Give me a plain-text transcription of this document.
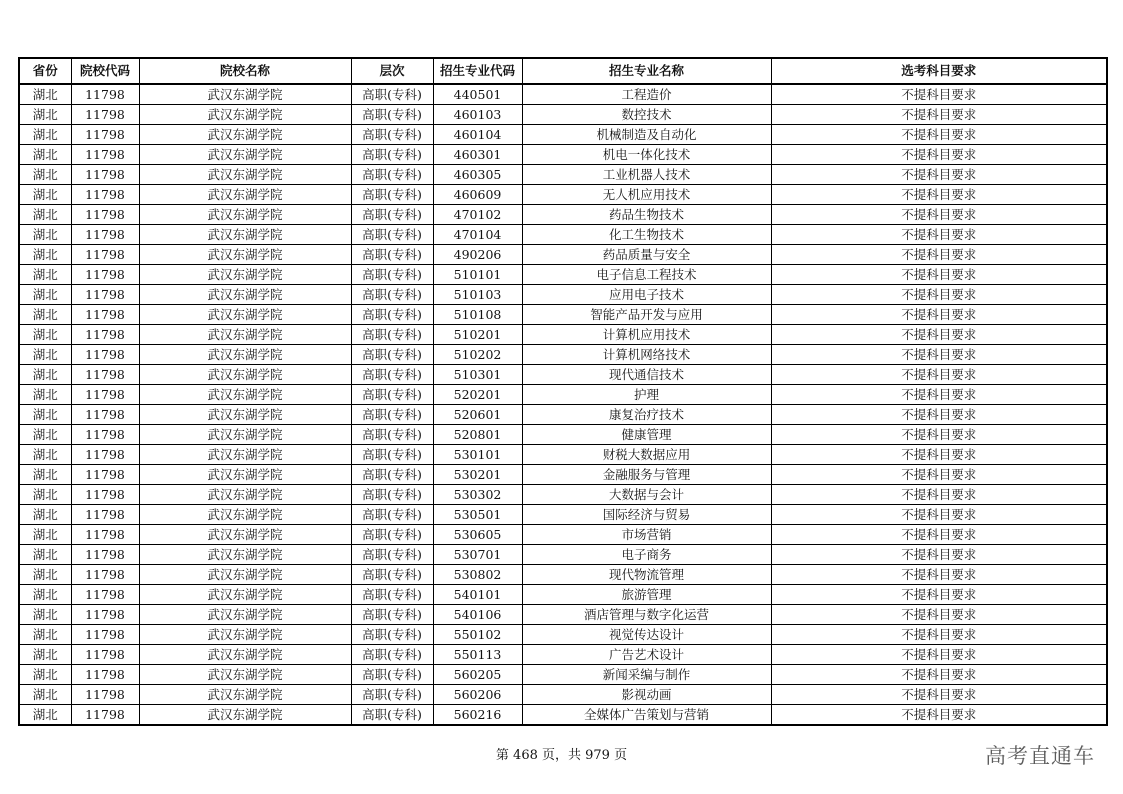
省份	院校代码	院校名称	层次	招生专业代码	招生专业名称	选考科目要求
湖北	11798	武汉东湖学院	高职(专科)	440501	工程造价	不提科目要求
湖北	11798	武汉东湖学院	高职(专科)	460103	数控技术	不提科目要求
湖北	11798	武汉东湖学院	高职(专科)	460104	机械制造及自动化	不提科目要求
湖北	11798	武汉东湖学院	高职(专科)	460301	机电一体化技术	不提科目要求
湖北	11798	武汉东湖学院	高职(专科)	460305	工业机器人技术	不提科目要求
湖北	11798	武汉东湖学院	高职(专科)	460609	无人机应用技术	不提科目要求
湖北	11798	武汉东湖学院	高职(专科)	470102	药品生物技术	不提科目要求
湖北	11798	武汉东湖学院	高职(专科)	470104	化工生物技术	不提科目要求
湖北	11798	武汉东湖学院	高职(专科)	490206	药品质量与安全	不提科目要求
湖北	11798	武汉东湖学院	高职(专科)	510101	电子信息工程技术	不提科目要求
湖北	11798	武汉东湖学院	高职(专科)	510103	应用电子技术	不提科目要求
湖北	11798	武汉东湖学院	高职(专科)	510108	智能产品开发与应用	不提科目要求
湖北	11798	武汉东湖学院	高职(专科)	510201	计算机应用技术	不提科目要求
湖北	11798	武汉东湖学院	高职(专科)	510202	计算机网络技术	不提科目要求
湖北	11798	武汉东湖学院	高职(专科)	510301	现代通信技术	不提科目要求
湖北	11798	武汉东湖学院	高职(专科)	520201	护理	不提科目要求
湖北	11798	武汉东湖学院	高职(专科)	520601	康复治疗技术	不提科目要求
湖北	11798	武汉东湖学院	高职(专科)	520801	健康管理	不提科目要求
湖北	11798	武汉东湖学院	高职(专科)	530101	财税大数据应用	不提科目要求
湖北	11798	武汉东湖学院	高职(专科)	530201	金融服务与管理	不提科目要求
湖北	11798	武汉东湖学院	高职(专科)	530302	大数据与会计	不提科目要求
湖北	11798	武汉东湖学院	高职(专科)	530501	国际经济与贸易	不提科目要求
湖北	11798	武汉东湖学院	高职(专科)	530605	市场营销	不提科目要求
湖北	11798	武汉东湖学院	高职(专科)	530701	电子商务	不提科目要求
湖北	11798	武汉东湖学院	高职(专科)	530802	现代物流管理	不提科目要求
湖北	11798	武汉东湖学院	高职(专科)	540101	旅游管理	不提科目要求
湖北	11798	武汉东湖学院	高职(专科)	540106	酒店管理与数字化运营	不提科目要求
湖北	11798	武汉东湖学院	高职(专科)	550102	视觉传达设计	不提科目要求
湖北	11798	武汉东湖学院	高职(专科)	550113	广告艺术设计	不提科目要求
湖北	11798	武汉东湖学院	高职(专科)	560205	新闻采编与制作	不提科目要求
湖北	11798	武汉东湖学院	高职(专科)	560206	影视动画	不提科目要求
湖北	11798	武汉东湖学院	高职(专科)	560216	全媒体广告策划与营销	不提科目要求
第 468 页，共 979 页	高考直通车
